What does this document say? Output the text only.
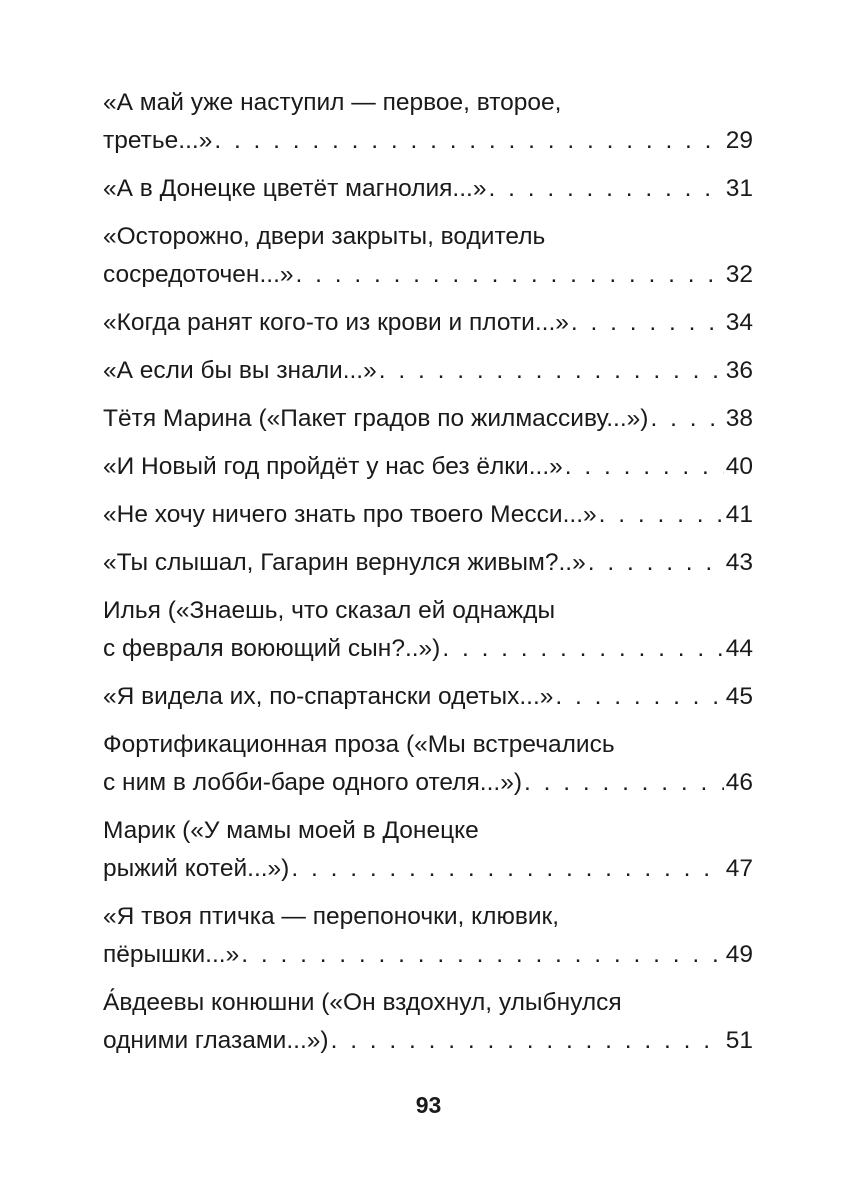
«А май уже наступил — первое, второе,
третье...» . . .	29
«А в Донецке цветёт магнолия...» . . .	31
«Осторожно, двери закрыты, водитель
сосредоточен...» . . .	32
«Когда ранят кого-то из крови и плоти...» . . .	34
«А если бы вы знали...» . . .	36
Тётя Марина («Пакет градов по жилмассиву...») . . .	38
«И Новый год пройдёт у нас без ёлки...» . . .	40
«Не хочу ничего знать про твоего Месси...» . . .	41
«Ты слышал, Гагарин вернулся живым?..» . . .	43
Илья («Знаешь, что сказал ей однажды
с февраля воюющий сын?..») . . .	44
«Я видела их, по-спартански одетых...» . . .	45
Фортификационная проза («Мы встречались
с ним в лобби-баре одного отеля...») . . .	46
Марик («У мамы моей в Донецке
рыжий котей...») . . .	47
«Я твоя птичка — перепоночки, клювик,
пёрышки...» . . .	49
А́вдеевы конюшни («Он вздохнул, улыбнулся
одними глазами...») . . .	51
93
